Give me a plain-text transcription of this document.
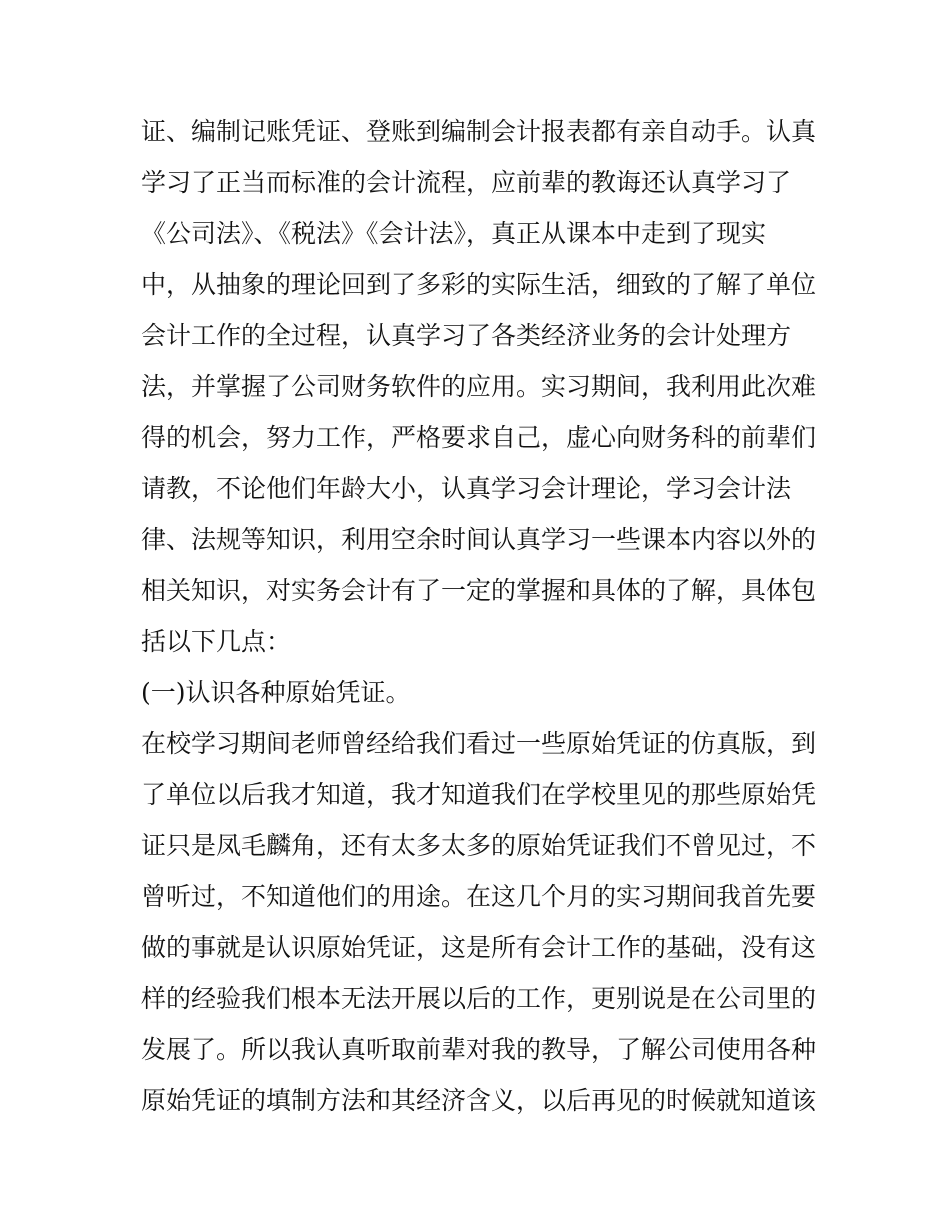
证、编制记账凭证、登账到编制会计报表都有亲自动手。认真
学习了正当而标准的会计流程，应前辈的教诲还认真学习了
《公司法》、《税法》《会计法》，真正从课本中走到了现实
中，从抽象的理论回到了多彩的实际生活，细致的了解了单位
会计工作的全过程，认真学习了各类经济业务的会计处理方
法，并掌握了公司财务软件的应用。实习期间，我利用此次难
得的机会，努力工作，严格要求自己，虚心向财务科的前辈们
请教，不论他们年龄大小，认真学习会计理论，学习会计法
律、法规等知识，利用空余时间认真学习一些课本内容以外的
相关知识，对实务会计有了一定的掌握和具体的了解，具体包
括以下几点：
(一)认识各种原始凭证。
在校学习期间老师曾经给我们看过一些原始凭证的仿真版，到
了单位以后我才知道，我才知道我们在学校里见的那些原始凭
证只是凤毛麟角，还有太多太多的原始凭证我们不曾见过，不
曾听过，不知道他们的用途。在这几个月的实习期间我首先要
做的事就是认识原始凭证，这是所有会计工作的基础，没有这
样的经验我们根本无法开展以后的工作，更别说是在公司里的
发展了。所以我认真听取前辈对我的教导，了解公司使用各种
原始凭证的填制方法和其经济含义，以后再见的时候就知道该
